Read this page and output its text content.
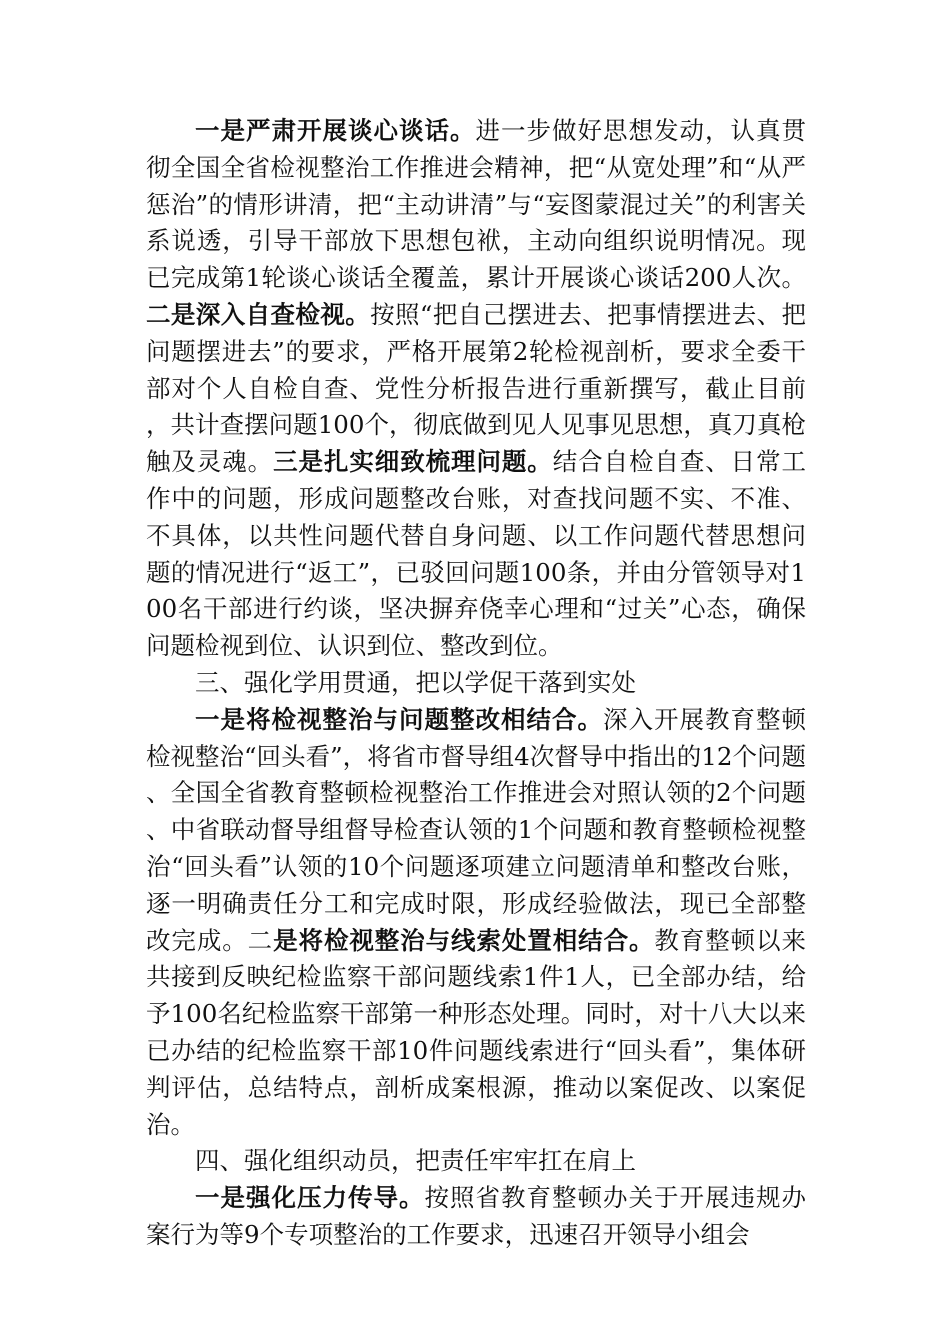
一是严肃开展谈心谈话。进一步做好思想发动，认真贯彻全国全省检视整治工作推进会精神，把“从宽处理”和“从严惩治”的情形讲清，把“主动讲清”与“妄图蒙混过关”的利害关系说透，引导干部放下思想包袱，主动向组织说明情况。现已完成第1轮谈心谈话全覆盖，累计开展谈心谈话200人次。二是深入自查检视。按照“把自己摆进去、把事情摆进去、把问题摆进去”的要求，严格开展第2轮检视剖析，要求全委干部对个人自检自查、党性分析报告进行重新撰写，截止目前，共计查摆问题100个，彻底做到见人见事见思想，真刀真枪触及灵魂。三是扎实细致梳理问题。结合自检自查、日常工作中的问题，形成问题整改台账，对查找问题不实、不准、不具体，以共性问题代替自身问题、以工作问题代替思想问题的情况进行“返工”，已驳回问题100条，并由分管领导对100名干部进行约谈，坚决摒弃侥幸心理和“过关”心态，确保问题检视到位、认识到位、整改到位。

三、强化学用贯通，把以学促干落到实处

一是将检视整治与问题整改相结合。深入开展教育整顿检视整治“回头看”，将省市督导组4次督导中指出的12个问题、全国全省教育整顿检视整治工作推进会对照认领的2个问题、中省联动督导组督导检查认领的1个问题和教育整顿检视整治“回头看”认领的10个问题逐项建立问题清单和整改台账，逐一明确责任分工和完成时限，形成经验做法，现已全部整改完成。二是将检视整治与线索处置相结合。教育整顿以来共接到反映纪检监察干部问题线索1件1人，已全部办结，给予100名纪检监察干部第一种形态处理。同时，对十八大以来已办结的纪检监察干部10件问题线索进行“回头看”，集体研判评估，总结特点，剖析成案根源，推动以案促改、以案促治。

四、强化组织动员，把责任牢牢扛在肩上

一是强化压力传导。按照省教育整顿办关于开展违规办案行为等9个专项整治的工作要求，迅速召开领导小组会
